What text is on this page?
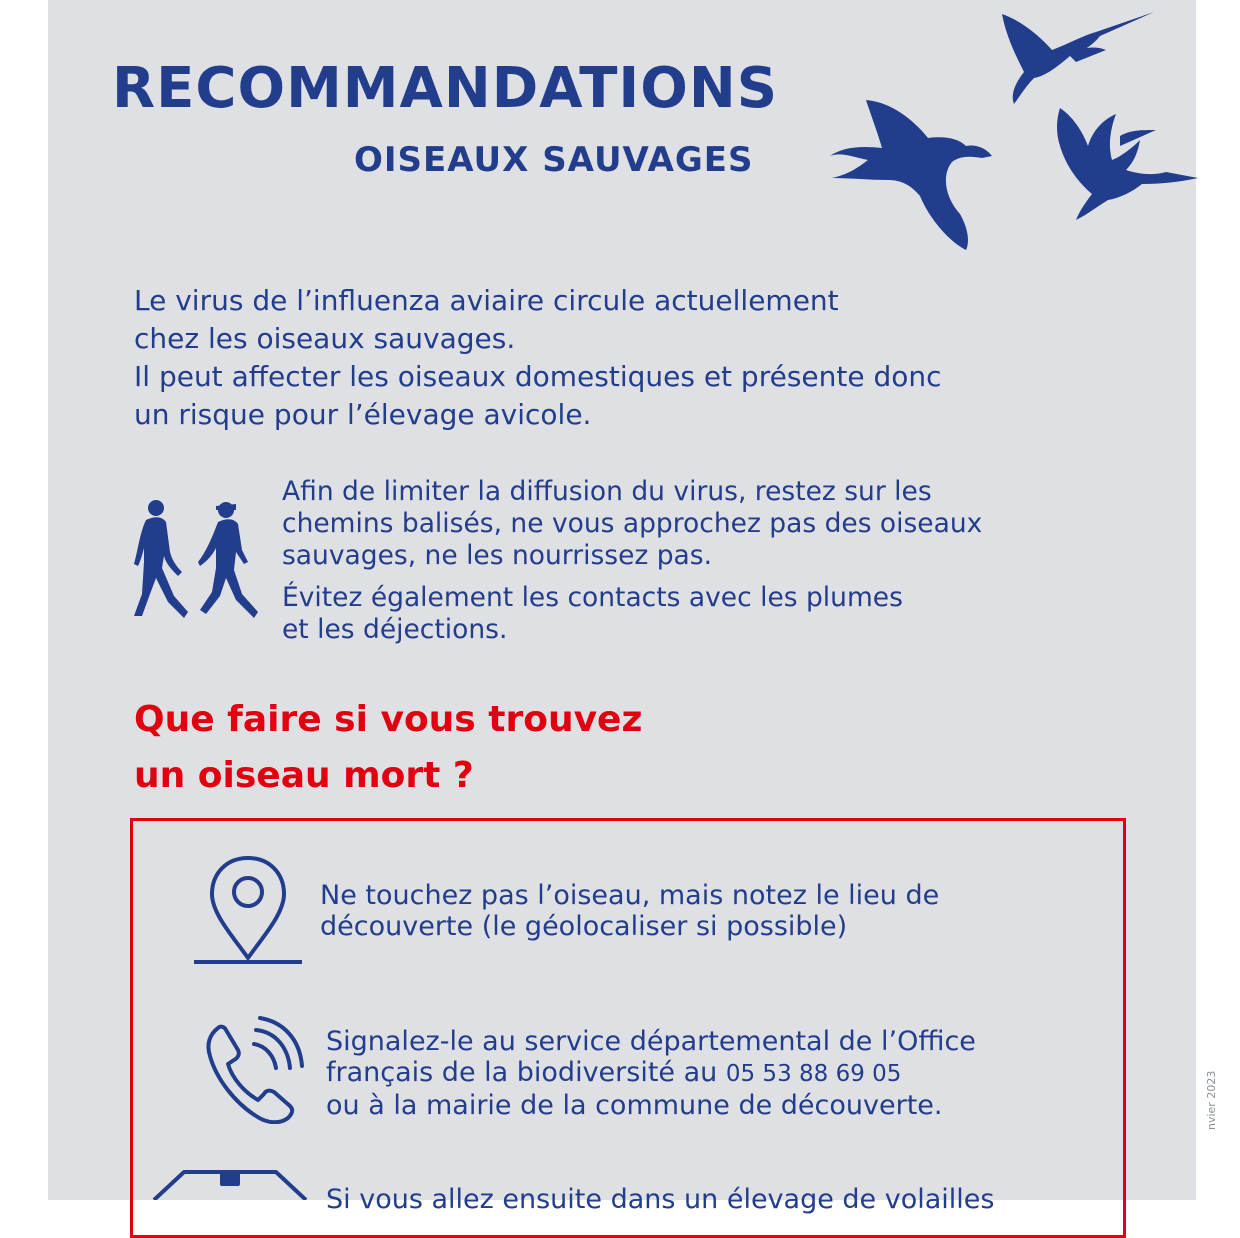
RECOMMANDATIONS
OISEAUX SAUVAGES
Le virus de l’influenza aviaire circule actuellement
chez les oiseaux sauvages.
Il peut affecter les oiseaux domestiques et présente donc
un risque pour l’élevage avicole.
Afin de limiter la diffusion du virus, restez sur les
chemins balisés, ne vous approchez pas des oiseaux
sauvages, ne les nourrissez pas.
Évitez également les contacts avec les plumes
et les déjections.
Que faire si vous trouvez
un oiseau mort ?
Ne touchez pas l’oiseau, mais notez le lieu de
découverte (le géolocaliser si possible)
Signalez-le au service départemental de l’Office
français de la biodiversité au 05 53 88 69 05
ou à la mairie de la commune de découverte.
Si vous allez ensuite dans un élevage de volailles
nvier 2023
